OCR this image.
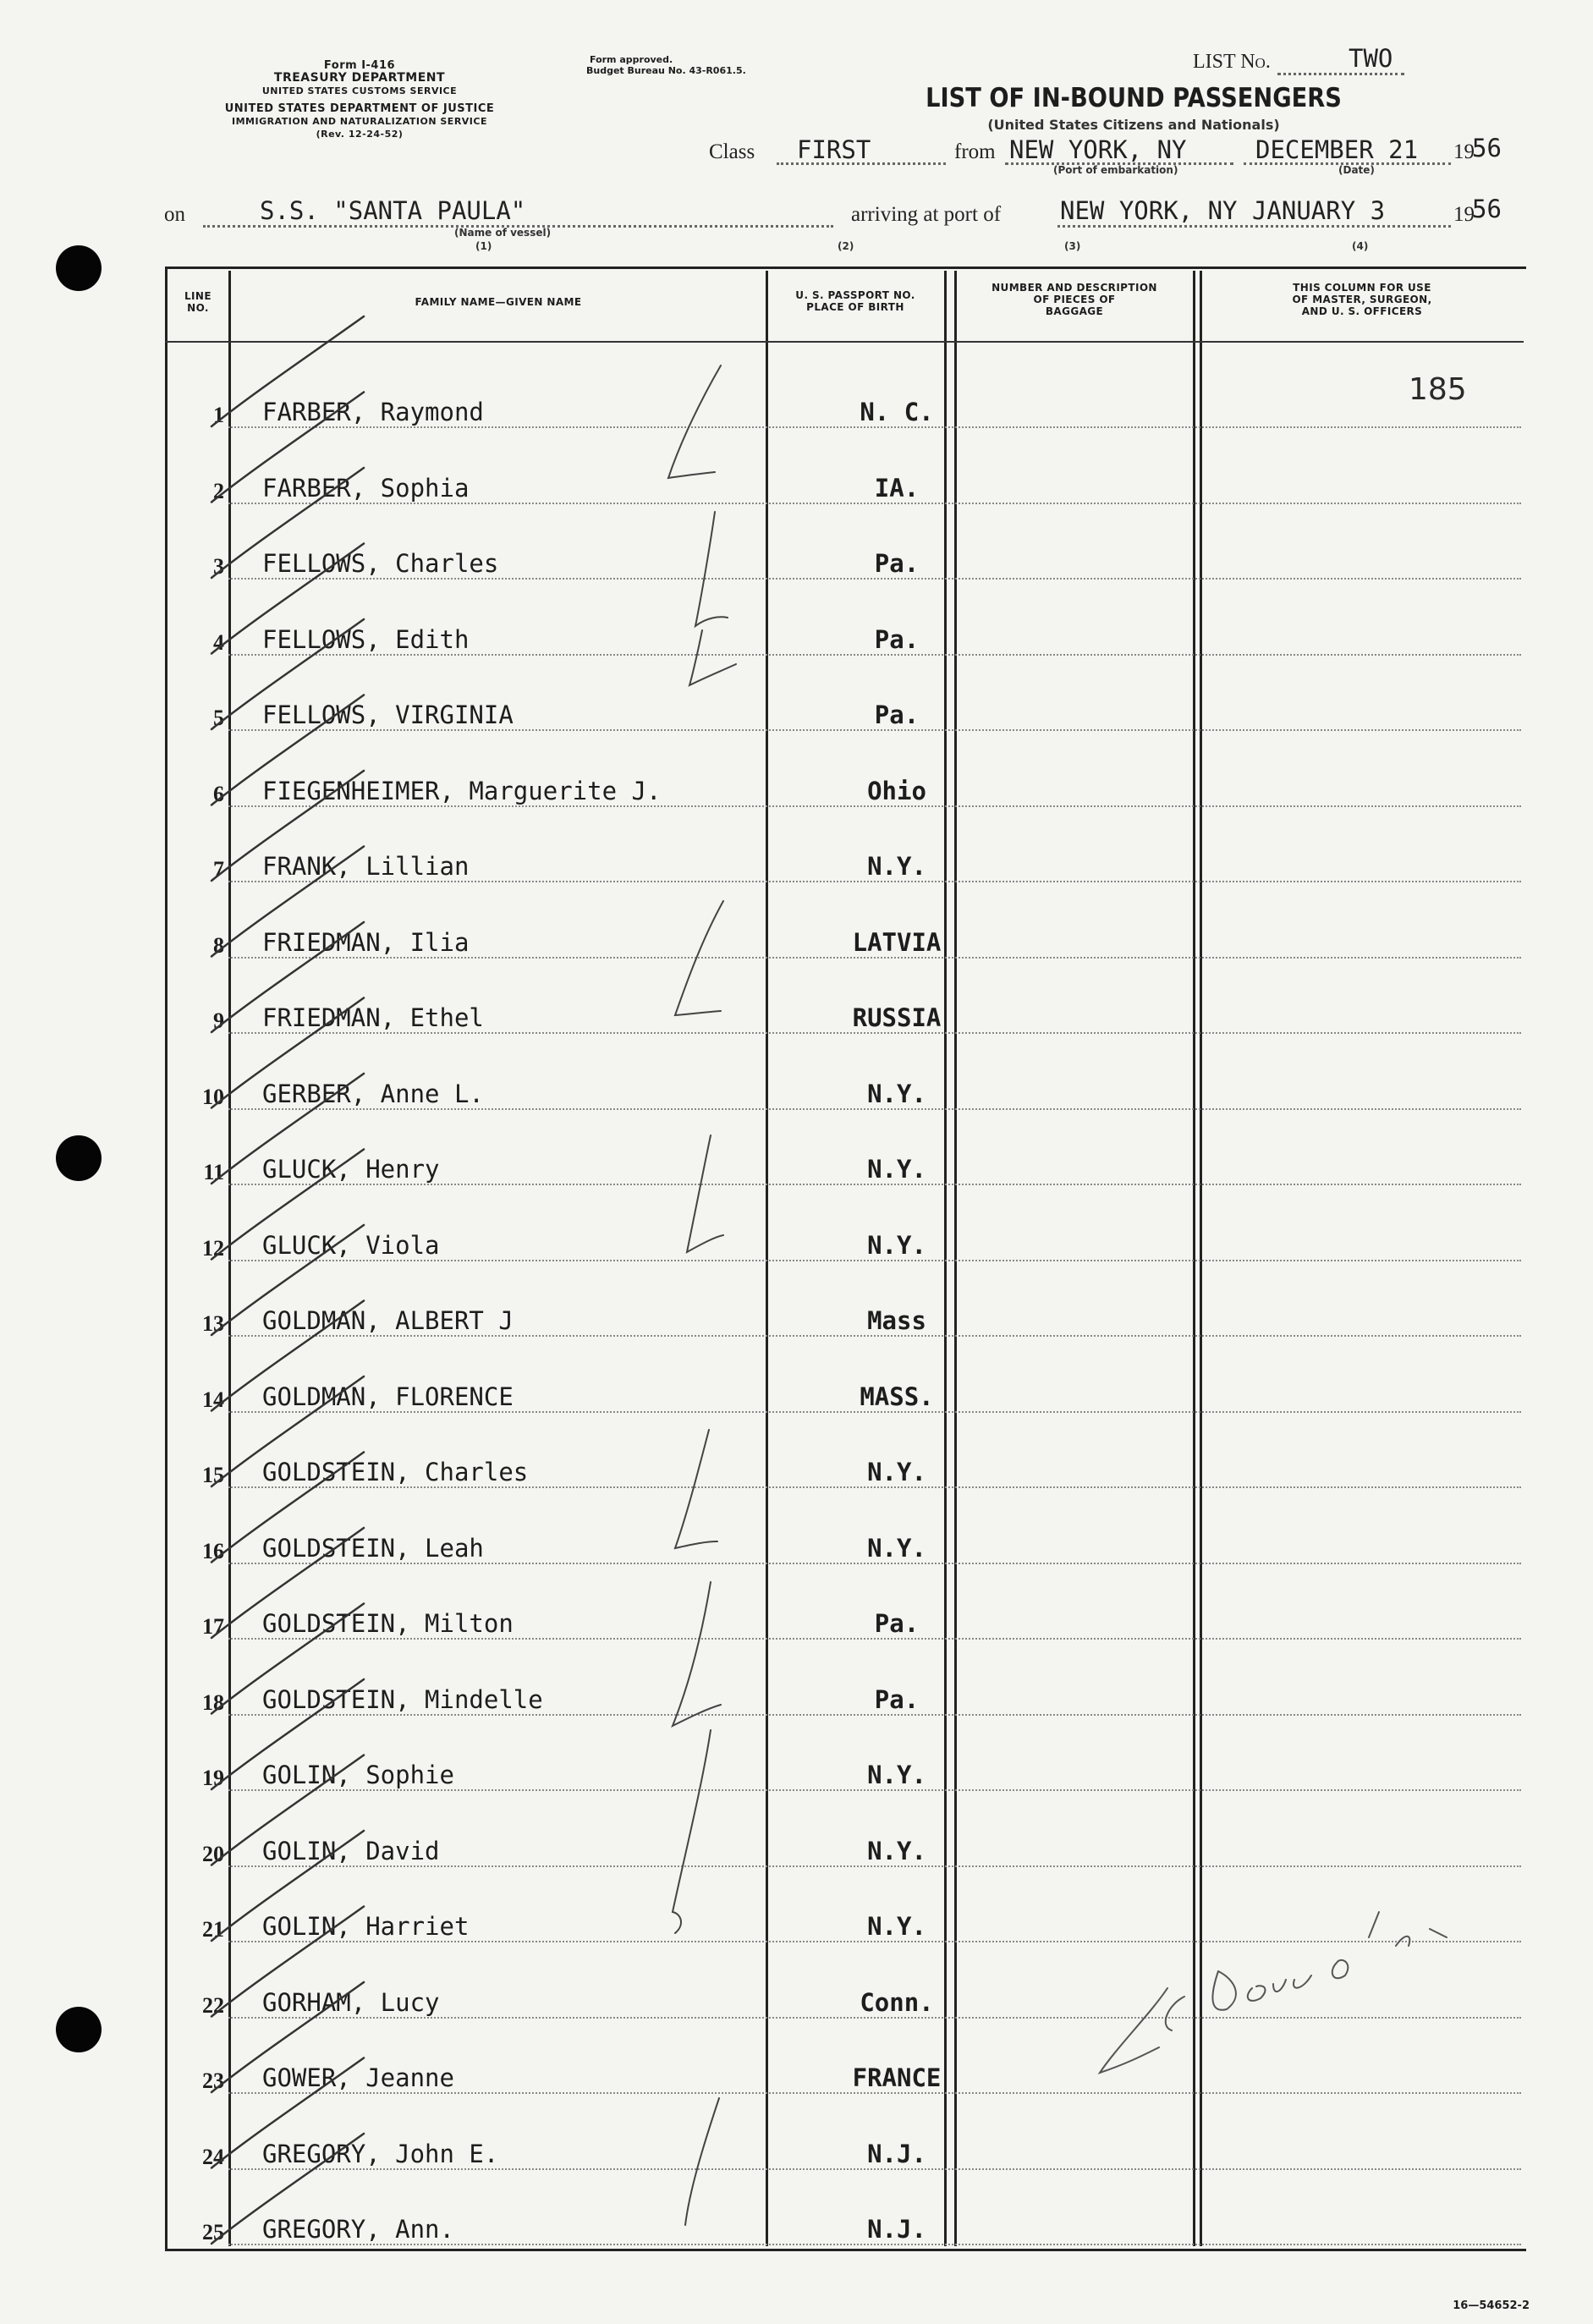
Form I-416
TREASURY DEPARTMENT
UNITED STATES CUSTOMS SERVICE
UNITED STATES DEPARTMENT OF JUSTICE
IMMIGRATION AND NATURALIZATION SERVICE
(Rev. 12-24-52)
Form approved.
Budget Bureau No. 43-R061.5.	LIST No.	TWO
LIST OF IN-BOUND PASSENGERS
(United States Citizens and Nationals)
Class FIRST	from NEW YORK, NY
(Port of embarkation)
DECEMBER 21 19
56
(Date)
on	S.S. "SANTA PAULA"
(Name of vessel)
(1)	(2)
arriving at port of NEW YORK, NY JANUARY 3	19
56
(3)	(4)
LINE
NO.	FAMILY NAME—GIVEN NAME
U. S. PASSPORT NO.
PLACE OF BIRTH
NUMBER AND DESCRIPTION
OF PIECES OF
BAGGAGE
THIS COLUMN FOR USE
OF MASTER, SURGEON,
AND U. S. OFFICERS
185
1 FARBER, Raymond	N. C.
2 FARBER, Sophia	IA.
3 FELLOWS, Charles	Pa.
4 FELLOWS, Edith	Pa.
5 FELLOWS, VIRGINIA	Pa.
6 FIEGENHEIMER, Marguerite J.	Ohio
7 FRANK, Lillian	N.Y.
8 FRIEDMAN, Ilia	LATVIA
9 FRIEDMAN, Ethel	RUSSIA
10 GERBER, Anne L.	N.Y.
11 GLUCK, Henry	N.Y.
12 GLUCK, Viola	N.Y.
13 GOLDMAN, ALBERT J	Mass
14 GOLDMAN, FLORENCE	MASS.
15 GOLDSTEIN, Charles	N.Y.
16 GOLDSTEIN, Leah	N.Y.
17 GOLDSTEIN, Milton	Pa.
18 GOLDSTEIN, Mindelle	Pa.
19 GOLIN, Sophie	N.Y.
20 GOLIN, David	N.Y.
21 GOLIN, Harriet	N.Y.
22 GORHAM, Lucy	Conn.
23 GOWER, Jeanne	FRANCE
24 GREGORY, John E.	N.J.
25 GREGORY, Ann.	N.J.
16—54652-2
